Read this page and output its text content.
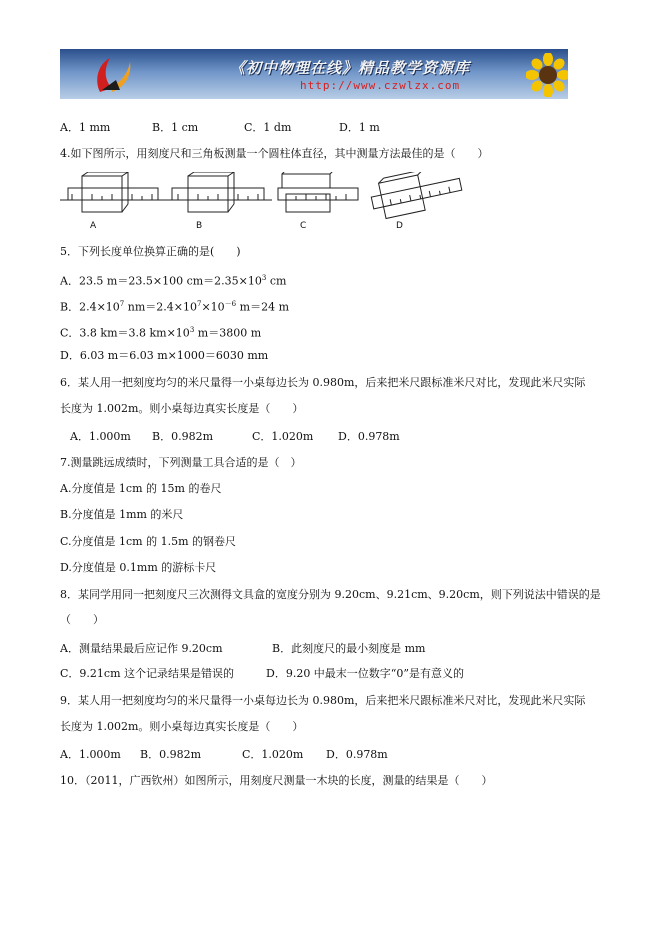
《初中物理在线》精品教学资源库
http://www.czwlzx.com
A．1 mm	B．1 cm	C．1 dm	D．1 m
4.如下图所示，用刻度尺和三角板测量一个圆柱体直径，其中测量方法最佳的是（　　）
A	B	C	D
5．下列长度单位换算正确的是(　　)
A．23.5 m＝23.5×100 $cm=2.35\times 10^3$ cm
B．$2.4\times 10^7$ $nm=2.4\times 10^7\times 10^{-6}$ m＝24 m
C．3.8 km＝3.8 $km\times 10^3$ m＝3800 m
D．6.03 m＝6.03 m×1000＝6030 mm
6．某人用一把刻度均匀的米尺量得一小桌每边长为 0.980m，后来把米尺跟标准米尺对比，发现此米尺实际
长度为 1.002m。则小桌每边真实长度是（　　）
A．1.000m B．0.982m	C．1.020m D．0.978m
7.测量跳远成绩时，下列测量工具合适的是（　）
A.分度值是 1cm 的 15m 的卷尺
B.分度值是 1mm 的米尺
C.分度值是 1cm 的 1.5m 的钢卷尺
D.分度值是 0.1mm 的游标卡尺
8．某同学用同一把刻度尺三次测得文具盒的宽度分别为 9.20cm、9.21cm、9.20cm，则下列说法中错误的是
（　　）
A．测量结果最后应记作 9.20cm	B．此刻度尺的最小刻度是 mm
C．9.21cm 这个记录结果是错误的	D．9.20 中最末一位数字“0”是有意义的
9．某人用一把刻度均匀的米尺量得一小桌每边长为 0.980m，后来把米尺跟标准米尺对比，发现此米尺实际
长度为 1.002m。则小桌每边真实长度是（　　）
A．1.000m B．0.982m	C．1.020m D．0.978m
10．（2011，广西钦州）如图所示，用刻度尺测量一木块的长度，测量的结果是（　　）
